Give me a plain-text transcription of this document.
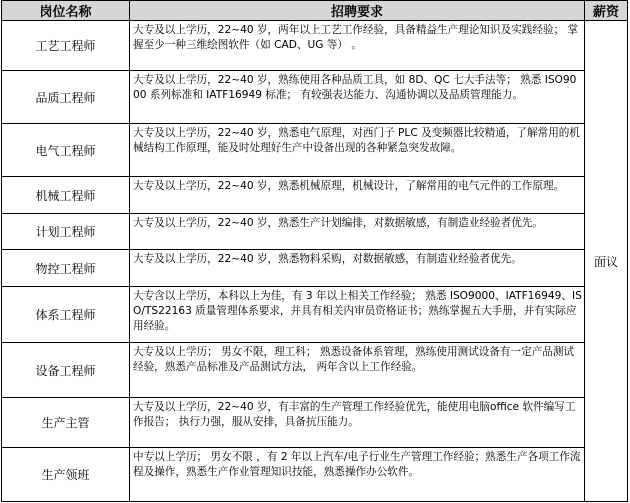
岗位名称	招聘要求	薪资
工艺工程师	大专及以上学历，22~40 岁，两年以上工艺工作经验，具备精益生产理论知识及实践经验； 掌握至少一种三维绘图软件（如 CAD、UG 等） 。	面议
品质工程师	大专及以上学历，22~40 岁，熟练使用各种品质工具，如 8D、QC 七大手法等； 熟悉 ISO9000 系列标准和 IATF16949 标准； 有较强表达能力、沟通协调以及品质管理能力。	
电气工程师	大专及以上学历，22~40 岁，熟悉电气原理，对西门子 PLC 及变频器比较精通，了解常用的机械结构工作原理，能及时处理好生产中设备出现的各种紧急突发故障。	
机械工程师	大专及以上学历，22~40 岁，熟悉机械原理，机械设计，了解常用的电气元件的工作原理。	
计划工程师	大专及以上学历，22~40 岁，熟悉生产计划编排，对数据敏感，有制造业经验者优先。	
物控工程师	大专及以上学历，22~40 岁，熟悉物料采购，对数据敏感，有制造业经验者优先。	
体系工程师	大专含以上学历，本科以上为佳，有 3 年以上相关工作经验； 熟悉 ISO9000、IATF16949、ISO/TS22163 质量管理体系要求，并具有相关内审员资格证书；熟练掌握五大手册，并有实际应用经验。	
设备工程师	大专及以上学历； 男女不限，理工科； 熟悉设备体系管理，熟练使用测试设备有一定产品测试经验，熟悉产品标准及产品测试方法， 两年含以上工作经验。	
生产主管	大专及以上学历，22~40 岁，有丰富的生产管理工作经验优先，能使用电脑office 软件编写工作报告； 执行力强，服从安排，具备抗压能力。	
生产领班	中专以上学历； 男女不限 ，有 2 年以上汽车/电子行业生产管理工作经验；熟悉生产各项工作流程及操作，熟悉生产作业管理知识技能，熟悉操作办公软件。	
